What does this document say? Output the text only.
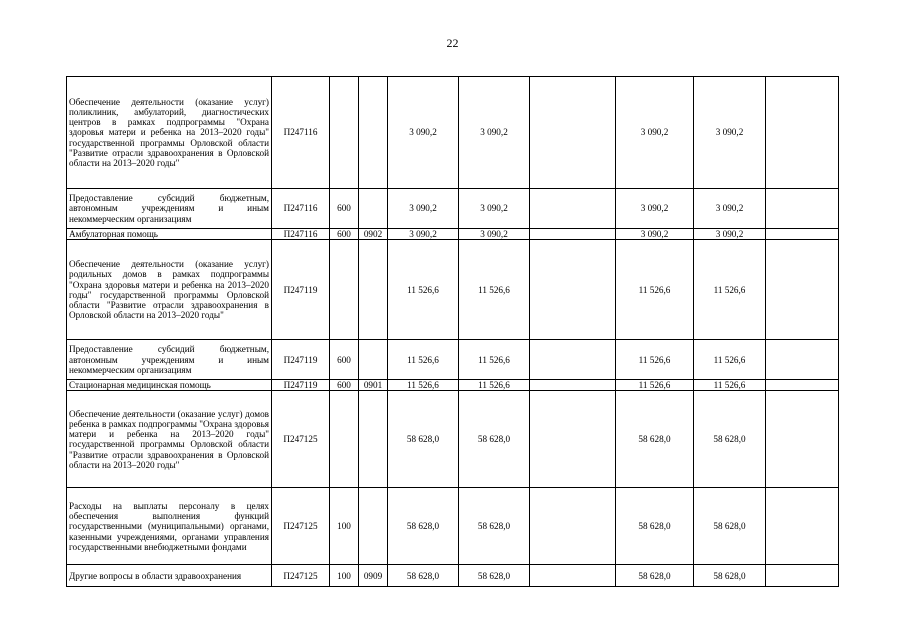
22
Обеспечение деятельности (оказание услуг) поликлиник, амбулаторий, диагностических центров в рамках подпрограммы "Охрана здоровья матери и ребенка на 2013–2020 годы" государственной программы Орловской области "Развитие отрасли здравоохранения в Орловской области на 2013–2020 годы"	П247116			3 090,2	3 090,2		3 090,2	3 090,2	
Предоставление субсидий бюджетным, автономным учреждениям и иным некоммерческим организациям	П247116	600		3 090,2	3 090,2		3 090,2	3 090,2	
Амбулаторная помощь	П247116	600	0902	3 090,2	3 090,2		3 090,2	3 090,2	
Обеспечение деятельности (оказание услуг) родильных домов в рамках подпрограммы "Охрана здоровья матери и ребенка на 2013–2020 годы" государственной программы Орловской области "Развитие отрасли здравоохранения в Орловской области на 2013–2020 годы"	П247119			11 526,6	11 526,6		11 526,6	11 526,6	
Предоставление субсидий бюджетным, автономным учреждениям и иным некоммерческим организациям	П247119	600		11 526,6	11 526,6		11 526,6	11 526,6	
Стационарная медицинская помощь	П247119	600	0901	11 526,6	11 526,6		11 526,6	11 526,6	
Обеспечение деятельности (оказание услуг) домов ребенка в рамках подпрограммы "Охрана здоровья матери и ребенка на 2013–2020 годы" государственной программы Орловской области "Развитие отрасли здравоохранения в Орловской области на 2013–2020 годы"	П247125			58 628,0	58 628,0		58 628,0	58 628,0	
Расходы на выплаты персоналу в целях обеспечения выполнения функций государственными (муниципальными) органами, казенными учреждениями, органами управления государственными внебюджетными фондами	П247125	100		58 628,0	58 628,0		58 628,0	58 628,0	
Другие вопросы в области здравоохранения	П247125	100	0909	58 628,0	58 628,0		58 628,0	58 628,0	
